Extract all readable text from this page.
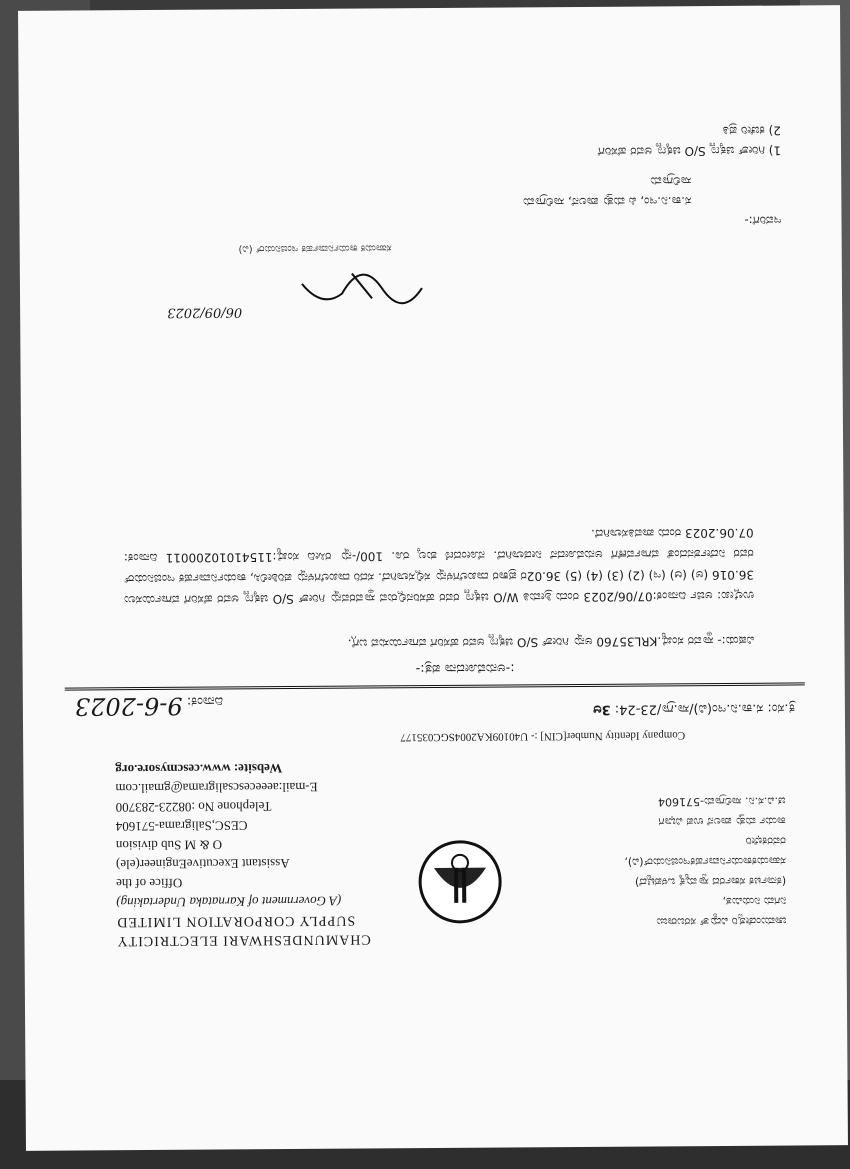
ಚಾಮುಂಡೇಶ್ವರಿ ವಿದ್ಯುತ್ ಸರಬರಾಜು
ನಿಗಮ ನಿಯಮಿತ,
(ಕರ್ನಾಟಕ ಸರ್ಕಾರದ ಸ್ವಾಮ್ಯಕ್ಕೆ ಒಳಪಟ್ಟಿದೆ)
ಸಹಾಯಕಕಾರ್ಯನಿರ್ವಾಹಕಇಂಜಿನಿಯರ್(ವಿ),
ರವರಕಛೇರಿ
ಕಾರ್ಯ ಮತ್ತು ಪಾಲನೆ ಉಪ ವಿಭಾಗ
ಚ.ವಿ.ಸ.ನಿ. ಸಾಲಿಗ್ರಾಮ-571604
CHAMUNDESHWARI ELECTRICITY
SUPPLY CORPORATION LIMITED
(A Government of Karnataka Undertaking)
Office of the
Assistant ExecutiveEngineer(ele)
O & M Sub division
CESC,Saligrama-571604
Telephone No :08223-283700
E-mail:aeeecescsaligrama@gmail.com
Website: www.cescmysore.org
Company Identity Number[CIN] :- U40109KA2004SGC035177
ಕ್ರ.ಸಂ: ಸ.ಕಾ.ನಿ.ಇಂ(ವಿ)/ಸಾ.ಗ್ರಾ/23-24: 3ಆ
ದಿನಾಂಕ: 9-6-2023
:-ಅನುಮೋದನಾ ಪತ್ರ:-
ವಿಷಯ:- ಸ್ಥಾವರ ಸಂಖ್ಯೆ.KRL35760 ಅನ್ನು ಗಿರೀಶ್ S/O ಚಿಕ್ಕಣ್ಣ ಅವರ ಹೆಸರಿಗೆ ವರ್ಗಾಯಿಸುವ ಬಗ್ಗೆ.
ಉಲ್ಲೇಖ: ಅರ್ಜಿ ದಿನಾಂಕ:07/06/2023 ರಂದು ಶ್ರೀಮತಿ W/O ಚಿಕ್ಕಣ್ಣ ರವರ ಹೆಸರಿನಲ್ಲಿರುವ ಸ್ಥಾವರವನ್ನು ಗಿರೀಶ್ S/O ಚಿಕ್ಕಣ್ಣ ಅವರ ಹೆಸರಿಗೆ ವರ್ಗಾಯಿಸಲು 36.016 (ಅ) (ಆ) (ಇ) (2) (3) (4) (5) 36.02ರ ಪ್ರಕಾರ ದಾಖಲೆಗಳನ್ನು ಸಲ್ಲಿಸಲಾಗಿದೆ. ಸದರಿ ದಾಖಲೆಗಳನ್ನು ಪರಿಶೀಲಿಸಿ, ಕಾರ್ಯನಿರ್ವಾಹಕ ಇಂಜಿನಿಯರ್ ರವರ ನಿರ್ದೇಶನದಂತೆ ವರ್ಗಾವಣೆಗೆ ಅನುಮೋದನೆ ನೀಡಲಾಗಿದೆ. ನೋಂದಣಿ ಶುಲ್ಕ ರೂ. 100/-ನ್ನು ರಸೀದಿ ಸಂಖ್ಯೆ:11541010200011 ದಿನಾಂಕ: 07.06.2023 ರಂದು ಪಾವತಿಸಲಾಗಿದೆ.
06/09/2023
ಸಹಾಯಕ ಕಾರ್ಯನಿರ್ವಾಹಕ ಇಂಜಿನಿಯರ್ (ವಿ)
ಇವರಿಗೆ:-
ಸ.ಕಾ.ನಿ.ಇಂ, ಪಿ ಮತ್ತು ಪಾಲನೆ, ಸಾಲಿಗ್ರಾಮ
ಸಾಲಿಗ್ರಾಮ
1) ಗಿರೀಶ್ ಚಿಕ್ಕಣ್ಣ S/O ಚಿಕ್ಕಣ್ಣ ಅವರ ಹೆಸರಿಗೆ
2) ಕಚೇರಿ ಪ್ರತಿ
